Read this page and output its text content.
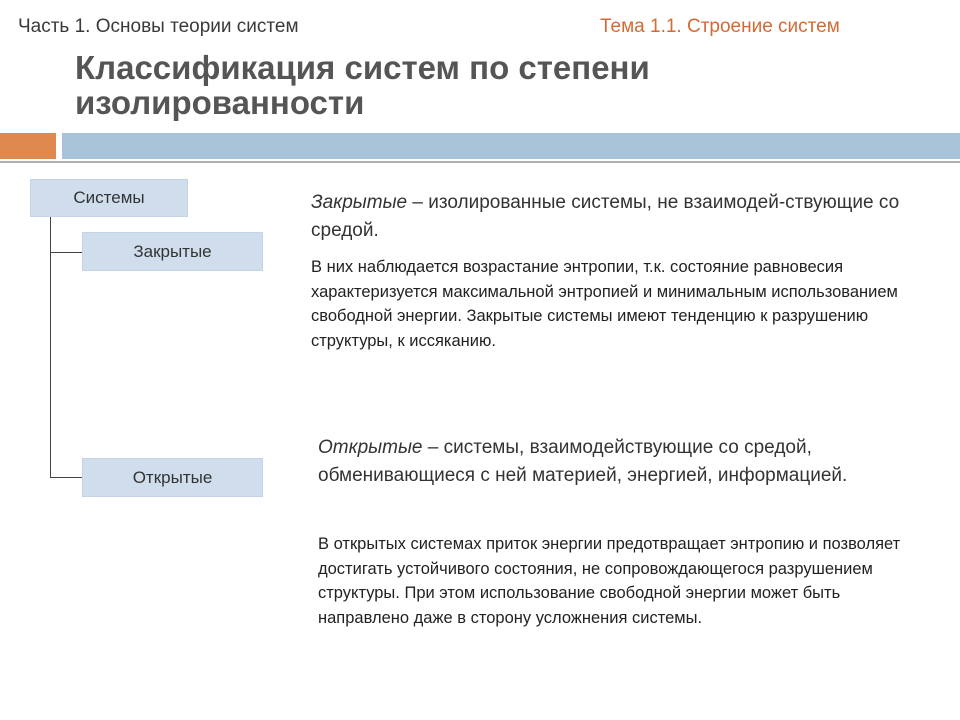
Часть 1. Основы теории систем	Тема 1.1. Строение систем
Классификация систем по степени изолированности
Системы
Закрытые
Открытые
Закрытые – изолированные системы, не взаимодей-ствующие со средой.
В них наблюдается возрастание энтропии, т.к. состояние равновесия характеризуется максимальной энтропией и минимальным использованием свободной энергии. Закрытые системы имеют тенденцию к разрушению структуры, к иссяканию.
Открытые – системы, взаимодействующие со средой, обменивающиеся с ней материей, энергией, информацией.
В открытых системах приток энергии предотвращает энтропию и позволяет достигать устойчивого состояния, не сопровождающегося разрушением структуры. При этом использование свободной энергии может быть направлено даже в сторону усложнения системы.
